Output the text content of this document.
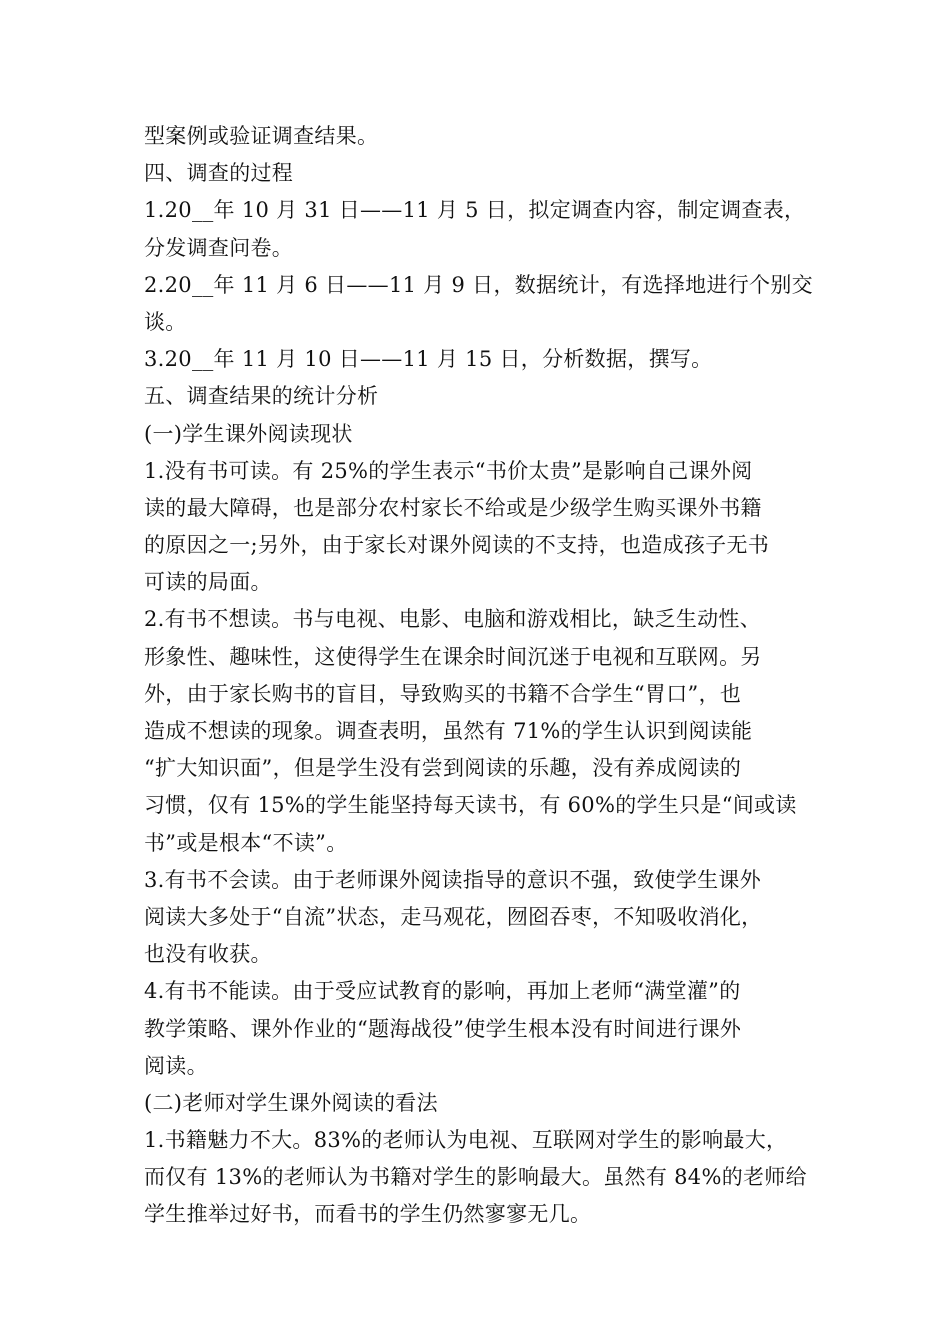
型案例或验证调查结果。
四、调查的过程
1.20__年 10 月 31 日——11 月 5 日，拟定调查内容，制定调查表，
分发调查问卷。
2.20__年 11 月 6 日——11 月 9 日，数据统计，有选择地进行个别交
谈。
3.20__年 11 月 10 日——11 月 15 日，分析数据，撰写。
五、调查结果的统计分析
(一)学生课外阅读现状
1.没有书可读。有 25%的学生表示“书价太贵”是影响自己课外阅
读的最大障碍，也是部分农村家长不给或是少级学生购买课外书籍
的原因之一;另外，由于家长对课外阅读的不支持，也造成孩子无书
可读的局面。
2.有书不想读。书与电视、电影、电脑和游戏相比，缺乏生动性、
形象性、趣味性，这使得学生在课余时间沉迷于电视和互联网。另
外，由于家长购书的盲目，导致购买的书籍不合学生“胃口”，也
造成不想读的现象。调查表明，虽然有 71%的学生认识到阅读能
“扩大知识面”，但是学生没有尝到阅读的乐趣，没有养成阅读的
习惯，仅有 15%的学生能坚持每天读书，有 60%的学生只是“间或读
书”或是根本“不读”。
3.有书不会读。由于老师课外阅读指导的意识不强，致使学生课外
阅读大多处于“自流”状态，走马观花，囫囵吞枣，不知吸收消化，
也没有收获。
4.有书不能读。由于受应试教育的影响，再加上老师“满堂灌”的
教学策略、课外作业的“题海战役”使学生根本没有时间进行课外
阅读。
(二)老师对学生课外阅读的看法
1.书籍魅力不大。83%的老师认为电视、互联网对学生的影响最大，
而仅有 13%的老师认为书籍对学生的影响最大。虽然有 84%的老师给
学生推举过好书，而看书的学生仍然寥寥无几。
